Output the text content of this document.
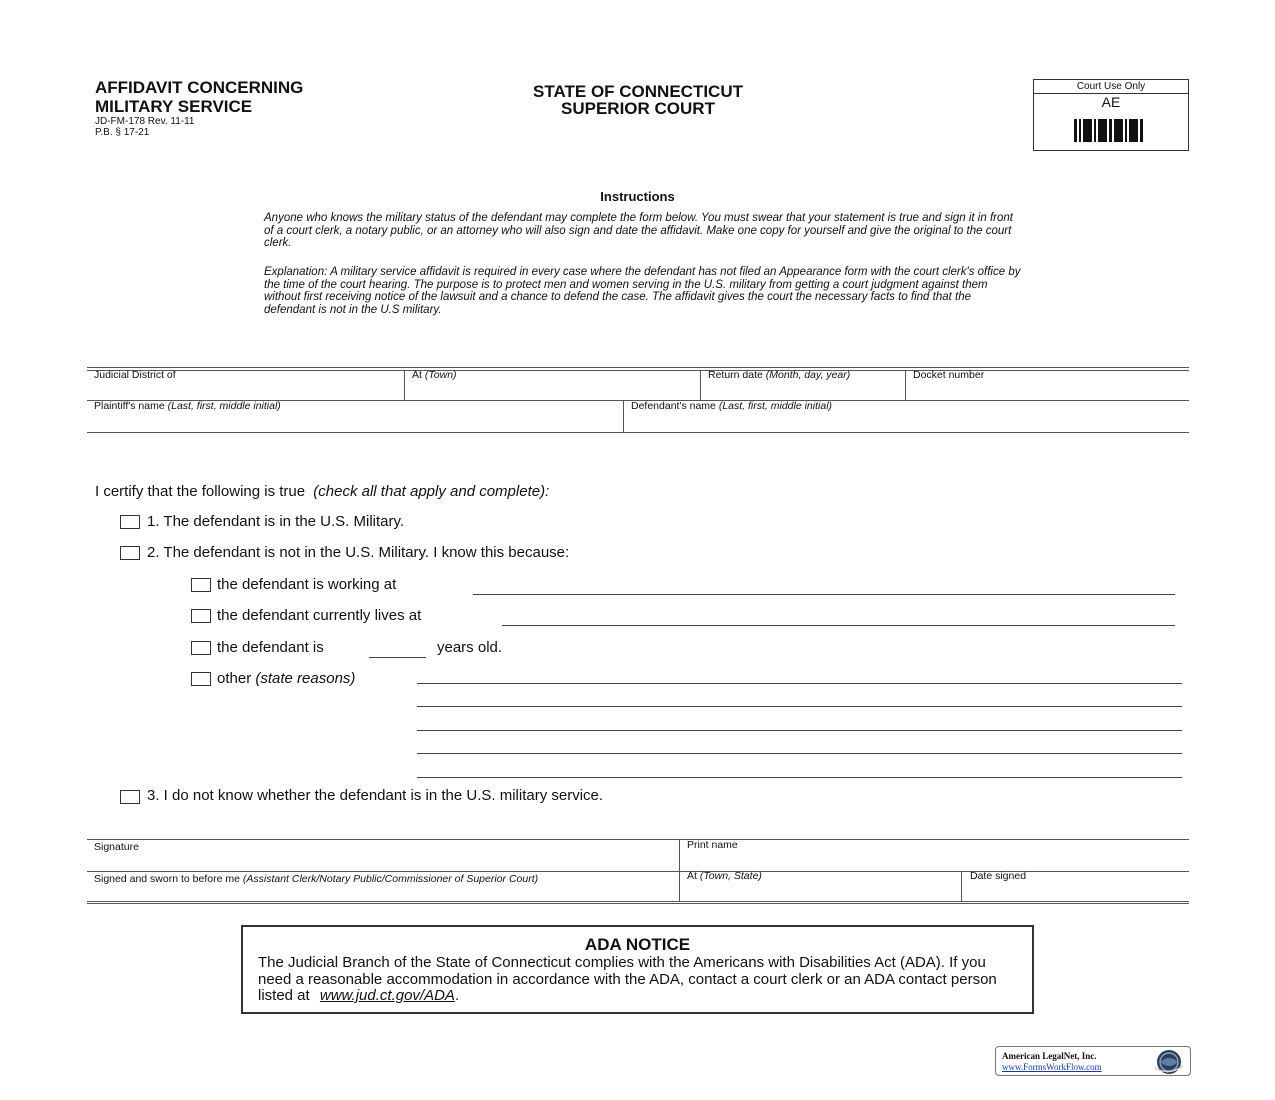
AFFIDAVIT CONCERNING
MILITARY SERVICE
JD-FM-178 Rev. 11-11
P.B. § 17-21
STATE OF CONNECTICUT
SUPERIOR COURT
Court Use Only
AE
Instructions
Anyone who knows the military status of the defendant may complete the form below. You must swear that your statement is true and sign it in front of a court clerk, a notary public, or an attorney who will also sign and date the affidavit. Make one copy for yourself and give the original to the court clerk.
Explanation: A military service affidavit is required in every case where the defendant has not filed an Appearance form with the court clerk's office by the time of the court hearing. The purpose is to protect men and women serving in the U.S. military from getting a court judgment against them without first receiving notice of the lawsuit and a chance to defend the case. The affidavit gives the court the necessary facts to find that the defendant is not in the U.S military.
Judicial District of	At (Town)	Return date (Month, day, year)	Docket number
Plaintiff's name (Last, first, middle initial)	Defendant's name (Last, first, middle initial)
I certify that the following is true (check all that apply and complete):
1. The defendant is in the U.S. Military.
2. The defendant is not in the U.S. Military. I know this because:
the defendant is working at
the defendant currently lives at
the defendant is	years old.
other (state reasons)
3. I do not know whether the defendant is in the U.S. military service.
Signature	Print name
Signed and sworn to before me (Assistant Clerk/Notary Public/Commissioner of Superior Court)	At (Town, State)	Date signed
ADA NOTICE
The Judicial Branch of the State of Connecticut complies with the Americans with Disabilities Act (ADA). If you need a reasonable accommodation in accordance with the ADA, contact a court clerk or an ADA contact person listed at www.jud.ct.gov/ADA.
American LegalNet, Inc.
www.FormsWorkFlow.com
